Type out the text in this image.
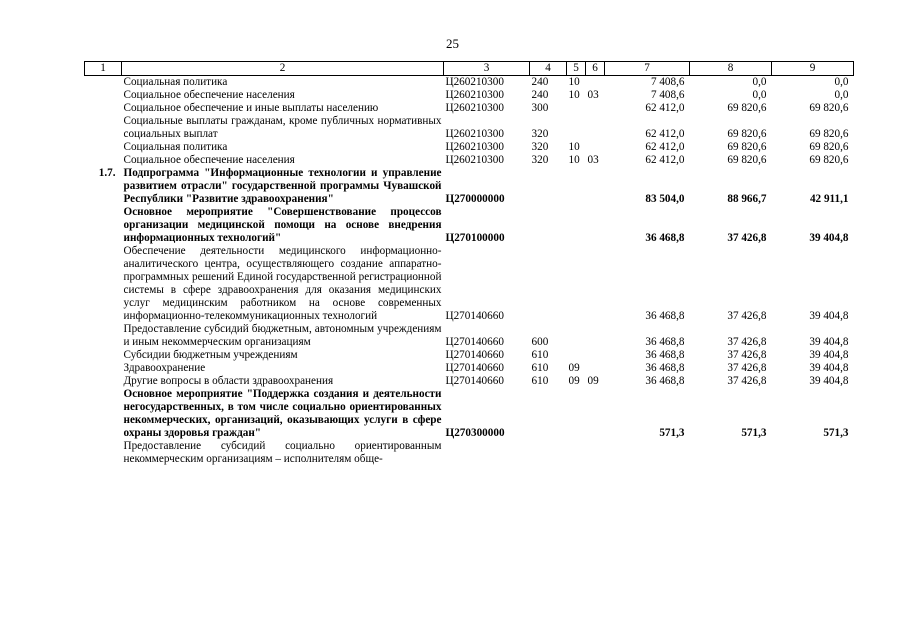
25
1	2	3	4	5	6	7	8	9
	Социальная политика	Ц260210300	240	10		7 408,6	0,0	0,0
	Социальное обеспечение населения	Ц260210300	240	10	03	7 408,6	0,0	0,0
	Социальное обеспечение и иные выплаты населению	Ц260210300	300			62 412,0	69 820,6	69 820,6
	Социальные выплаты гражданам, кроме публичных нормативных социальных выплат	Ц260210300	320			62 412,0	69 820,6	69 820,6
	Социальная политика	Ц260210300	320	10		62 412,0	69 820,6	69 820,6
	Социальное обеспечение населения	Ц260210300	320	10	03	62 412,0	69 820,6	69 820,6
1.7.	Подпрограмма "Информационные технологии и управление развитием отрасли" государственной программы Чувашской Республики "Развитие здравоохранения"	Ц270000000				83 504,0	88 966,7	42 911,1
	Основное мероприятие "Совершенствование процессов организации медицинской помощи на основе внедрения информационных технологий"	Ц270100000				36 468,8	37 426,8	39 404,8
	Обеспечение деятельности медицинского информационно-аналитического центра, осуществляющего создание аппаратно-программных решений Единой государственной регистрационной системы в сфере здравоохранения для оказания медицинских услуг медицинским работником на основе современных информационно-телекоммуникационных технологий	Ц270140660				36 468,8	37 426,8	39 404,8
	Предоставление субсидий бюджетным, автономным учреждениям и иным некоммерческим организациям	Ц270140660	600			36 468,8	37 426,8	39 404,8
	Субсидии бюджетным учреждениям	Ц270140660	610			36 468,8	37 426,8	39 404,8
	Здравоохранение	Ц270140660	610	09		36 468,8	37 426,8	39 404,8
	Другие вопросы в области здравоохранения	Ц270140660	610	09	09	36 468,8	37 426,8	39 404,8
	Основное мероприятие "Поддержка создания и деятельности негосударственных, в том числе социально ориентированных некоммерческих, организаций, оказывающих услуги в сфере охраны здоровья граждан"	Ц270300000				571,3	571,3	571,3
	Предоставление субсидий социально ориентированным некоммерческим организациям – исполнителям обще-							
